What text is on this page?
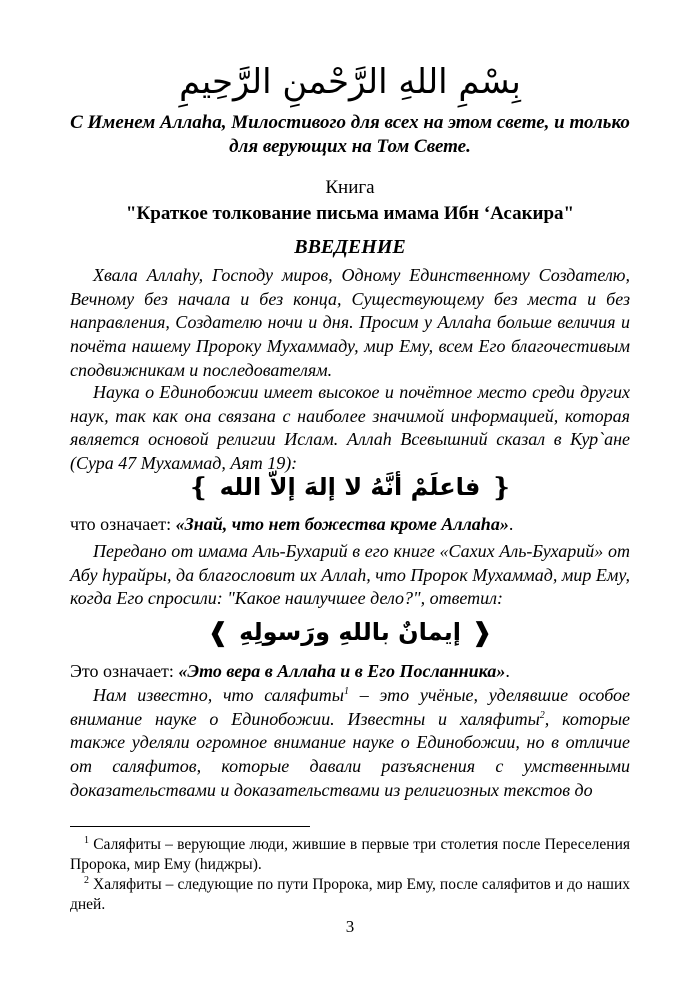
بِسْمِ اللهِ الرَّحْمنِ الرَّحِيمِ
С Именем Аллаhа, Милостивого для всех на этом свете, и только для верующих на Том Свете.
Книга
"Краткое толкование письма имама Ибн ‘Асакира"
ВВЕДЕНИЕ

Хвала Аллаhу, Господу миров, Одному Единственному Создателю, Вечному без начала и без конца, Существующему без места и без направления, Создателю ночи и дня. Просим у Аллаhа больше величия и почёта нашему Пророку Мухаммаду, мир Ему, всем Его благочестивым сподвижникам и последователям.

Наука о Единобожии имеет высокое и почётное место среди других наук, так как она связана с наиболее значимой информацией, которая является основой религии Ислам. Аллаh Всевышний сказал в Кур`ане (Сура 47 Мухаммад, Аят 19):

❴ فاعلَمْ أنَّهُ لا إلهَ إلاّ الله ❵

что означает: «Знай, что нет божества кроме Аллаhа».

Передано от имама Аль-Бухарий в его книге «Сахих Аль-Бухарий» от Абу hурайры, да благословит их Аллаh, что Пророк Мухаммад, мир Ему, когда Его спросили: "Какое наилучшее дело?", ответил:

❰ إيمانٌ باللهِ ورَسولِهِ ❱

Это означает: «Это вера в Аллаhа и в Его Посланника».

Нам известно, что саляфиты$^1$ – это учёные, уделявшие особое внимание науке о Единобожии. Известны и халяфиты$^2$, которые также уделяли огромное внимание науке о Единобожии, но в отличие от саляфитов, которые давали разъяснения с умственными доказательствами и доказательствами из религиозных текстов до

$^1$ Саляфиты – верующие люди, жившие в первые три столетия после Переселения Пророка, мир Ему (hиджры).

$^2$ Халяфиты – следующие по пути Пророка, мир Ему, после саляфитов и до наших дней.

3
